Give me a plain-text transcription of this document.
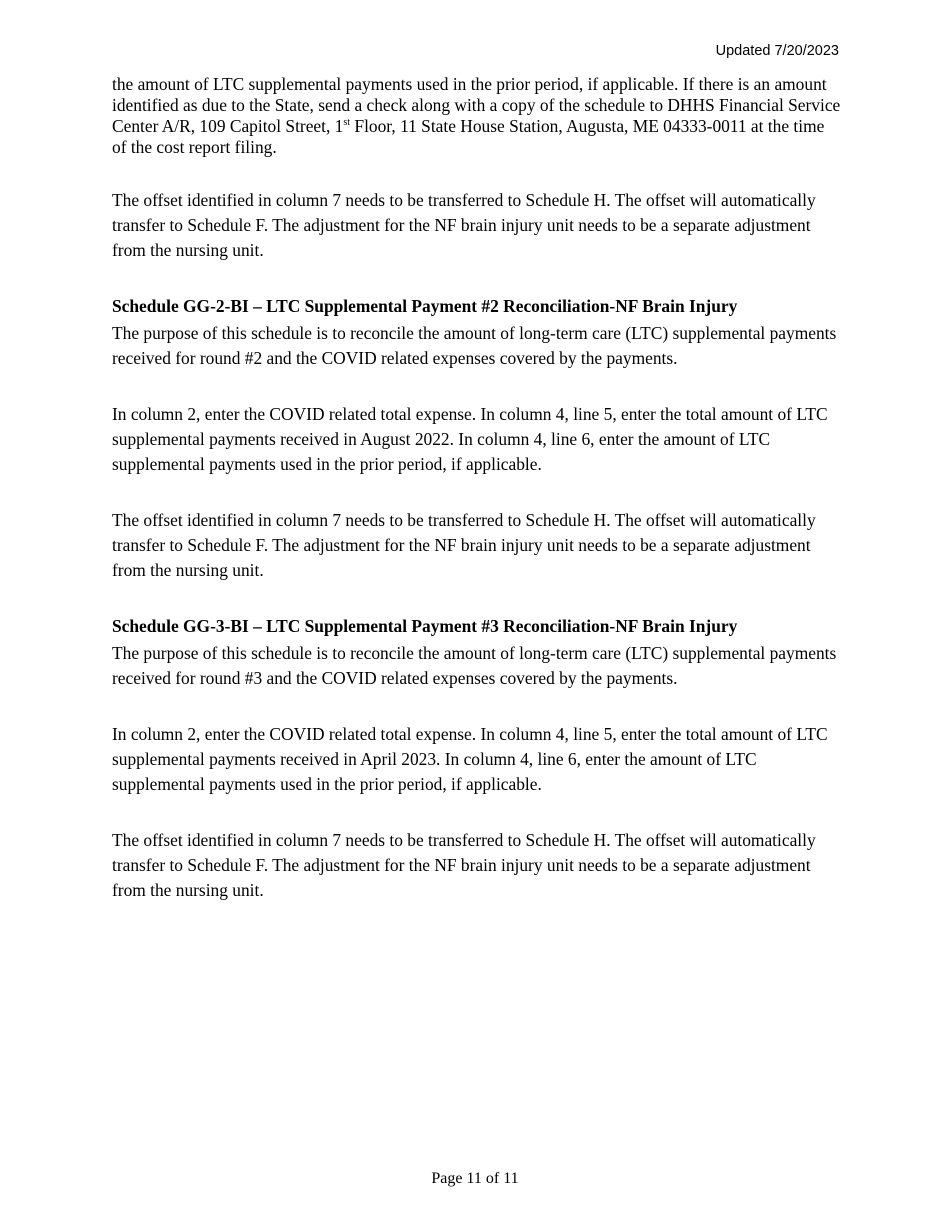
Updated 7/20/2023

the amount of LTC supplemental payments used in the prior period, if applicable. If there is an amount identified as due to the State, send a check along with a copy of the schedule to DHHS Financial Service Center A/R, 109 Capitol Street, 1st Floor, 11 State House Station, Augusta, ME 04333-0011 at the time of the cost report filing.

The offset identified in column 7 needs to be transferred to Schedule H. The offset will automatically transfer to Schedule F. The adjustment for the NF brain injury unit needs to be a separate adjustment from the nursing unit.

Schedule GG-2-BI – LTC Supplemental Payment #2 Reconciliation-NF Brain Injury

The purpose of this schedule is to reconcile the amount of long-term care (LTC) supplemental payments received for round #2 and the COVID related expenses covered by the payments.

In column 2, enter the COVID related total expense. In column 4, line 5, enter the total amount of LTC supplemental payments received in August 2022. In column 4, line 6, enter the amount of LTC supplemental payments used in the prior period, if applicable.

The offset identified in column 7 needs to be transferred to Schedule H. The offset will automatically transfer to Schedule F. The adjustment for the NF brain injury unit needs to be a separate adjustment from the nursing unit.

Schedule GG-3-BI – LTC Supplemental Payment #3 Reconciliation-NF Brain Injury

The purpose of this schedule is to reconcile the amount of long-term care (LTC) supplemental payments received for round #3 and the COVID related expenses covered by the payments.

In column 2, enter the COVID related total expense. In column 4, line 5, enter the total amount of LTC supplemental payments received in April 2023. In column 4, line 6, enter the amount of LTC supplemental payments used in the prior period, if applicable.

The offset identified in column 7 needs to be transferred to Schedule H. The offset will automatically transfer to Schedule F. The adjustment for the NF brain injury unit needs to be a separate adjustment from the nursing unit.

Page 11 of 11
